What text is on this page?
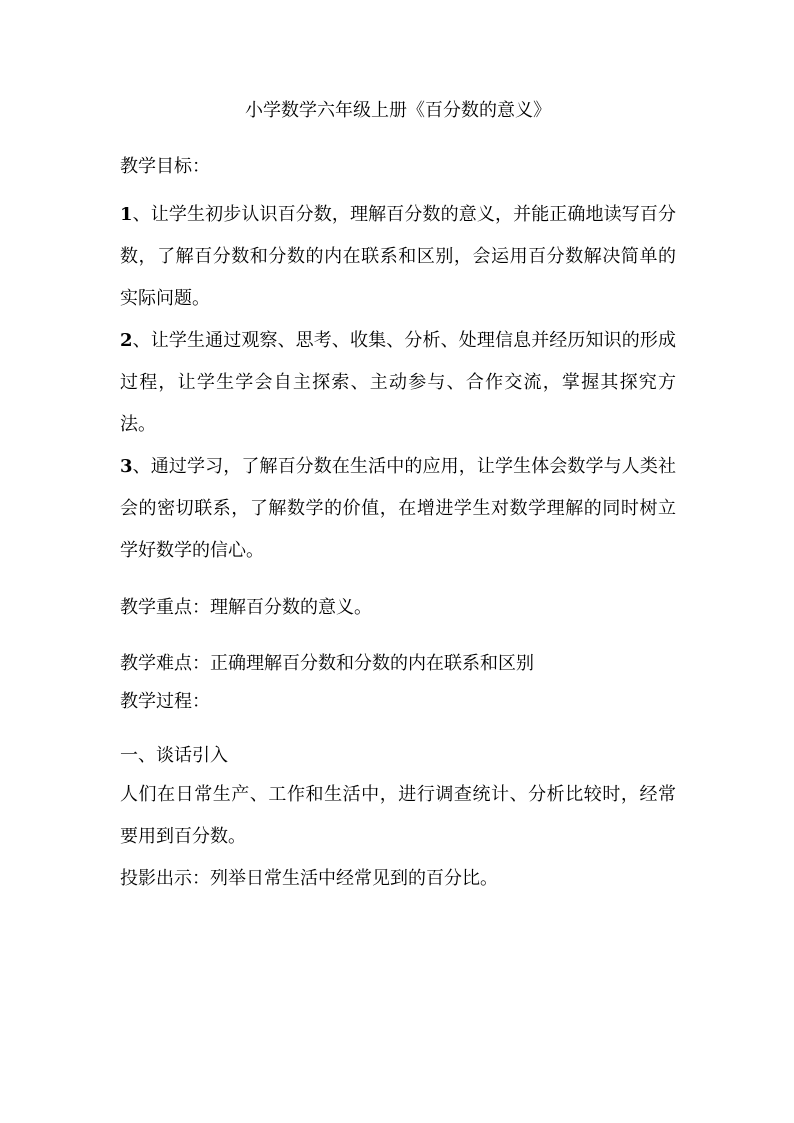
小学数学六年级上册《百分数的意义》

教学目标：

1、让学生初步认识百分数，理解百分数的意义，并能正确地读写百分数，了解百分数和分数的内在联系和区别，会运用百分数解决简单的实际问题。

2、让学生通过观察、思考、收集、分析、处理信息并经历知识的形成过程，让学生学会自主探索、主动参与、合作交流，掌握其探究方法。

3、通过学习，了解百分数在生活中的应用，让学生体会数学与人类社会的密切联系，了解数学的价值，在增进学生对数学理解的同时树立学好数学的信心。

教学重点：理解百分数的意义。

教学难点：正确理解百分数和分数的内在联系和区别

教学过程：

一、谈话引入

人们在日常生产、工作和生活中，进行调查统计、分析比较时，经常要用到百分数。

投影出示：列举日常生活中经常见到的百分比。
